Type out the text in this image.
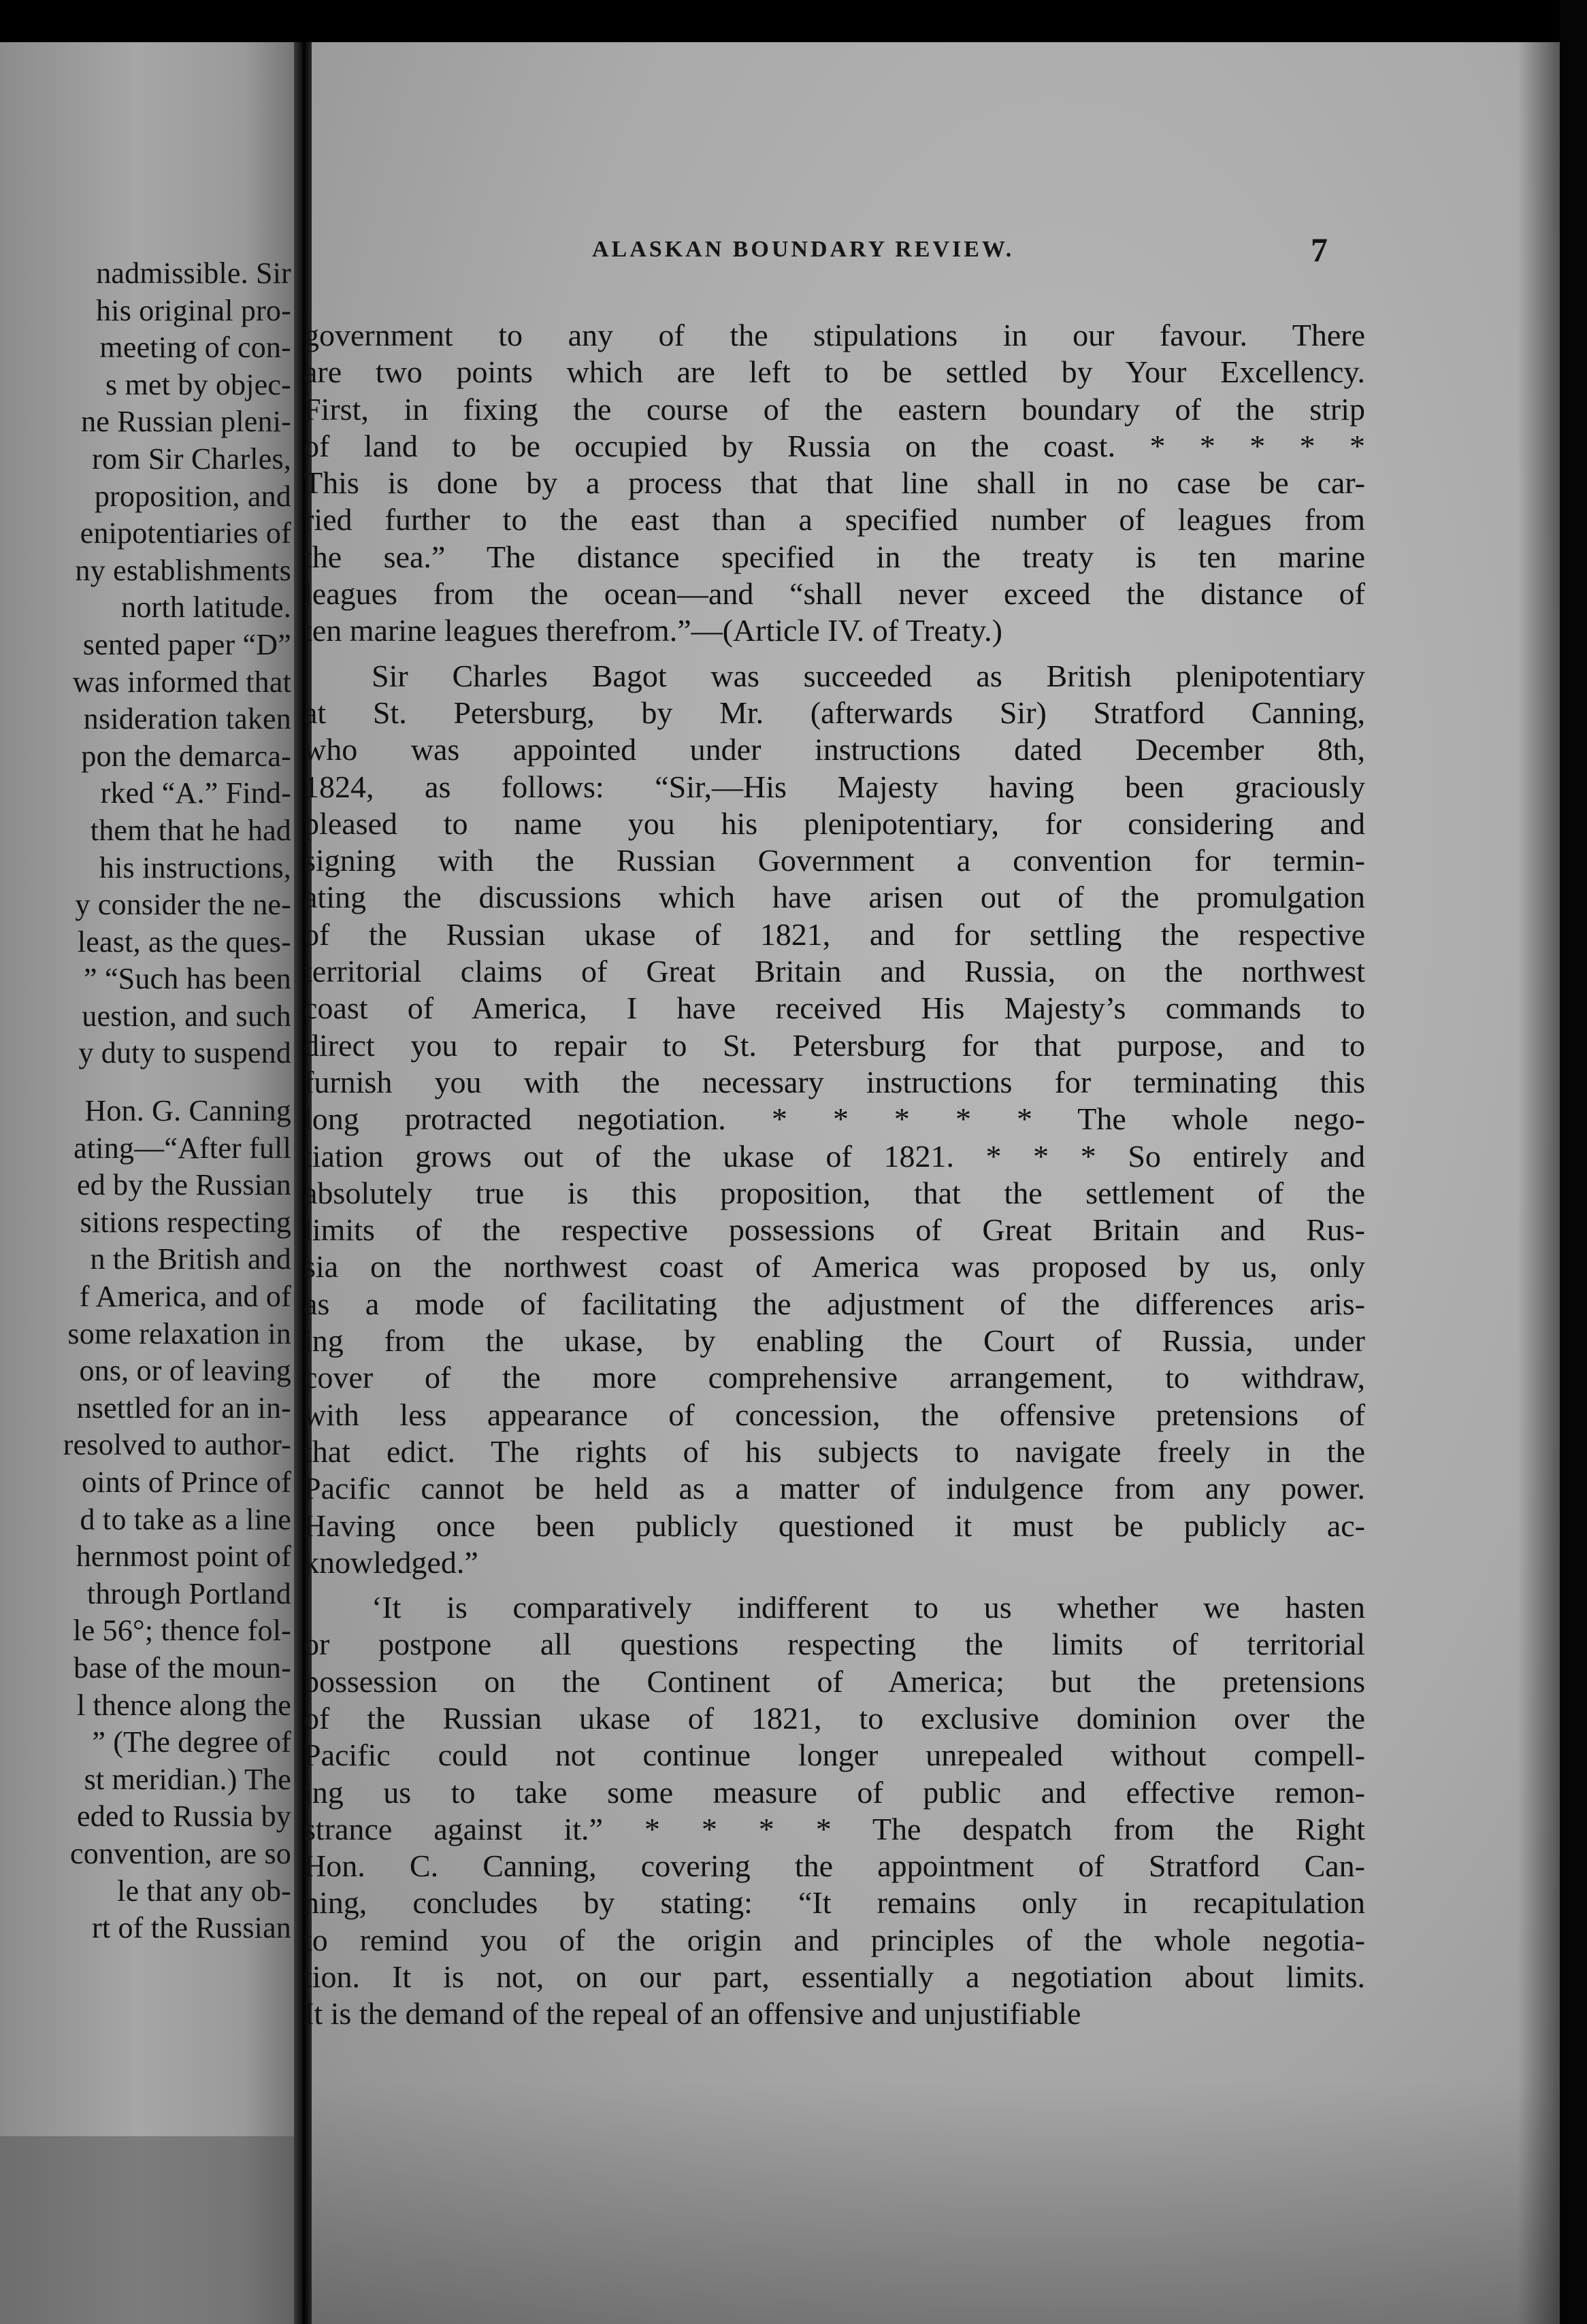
nadmissible. Sir
his original pro-
meeting of con-
s met by objec-
ne Russian pleni-
rom Sir Charles,
proposition, and
enipotentiaries of
ny establishments
north latitude.
sented paper “D”
was informed that
nsideration taken
pon the demarca-
rked “A.” Find-
them that he had
his instructions,
y consider the ne-
least, as the ques-
” “Such has been
uestion, and such
y duty to suspend
Hon. G. Canning
ating—“After full
ed by the Russian
sitions respecting
n the British and
f America, and of
some relaxation in
ons, or of leaving
nsettled for an in-
resolved to author-
oints of Prince of
d to take as a line
hernmost point of
through Portland
le 56°; thence fol-
base of the moun-
l thence along the
” (The degree of
st meridian.) The
eded to Russia by
convention, are so
le that any ob-
rt of the Russian
ALASKAN BOUNDARY REVIEW.	7
government to any of the stipulations in our favour. There
are two points which are left to be settled by Your Excellency.
First, in fixing the course of the eastern boundary of the strip
of land to be occupied by Russia on the coast. * * * * *
This is done by a process that that line shall in no case be car-
ried further to the east than a specified number of leagues from
the sea.” The distance specified in the treaty is ten marine
leagues from the ocean—and “shall never exceed the distance of
ten marine leagues therefrom.”—(Article IV. of Treaty.)
Sir Charles Bagot was succeeded as British plenipotentiary
at St. Petersburg, by Mr. (afterwards Sir) Stratford Canning,
who was appointed under instructions dated December 8th,
1824, as follows: “Sir,—His Majesty having been graciously
pleased to name you his plenipotentiary, for considering and
signing with the Russian Government a convention for termin-
ating the discussions which have arisen out of the promulgation
of the Russian ukase of 1821, and for settling the respective
territorial claims of Great Britain and Russia, on the northwest
coast of America, I have received His Majesty’s commands to
direct you to repair to St. Petersburg for that purpose, and to
furnish you with the necessary instructions for terminating this
long protracted negotiation. * * * * * The whole nego-
tiation grows out of the ukase of 1821. * * * So entirely and
absolutely true is this proposition, that the settlement of the
limits of the respective possessions of Great Britain and Rus-
sia on the northwest coast of America was proposed by us, only
as a mode of facilitating the adjustment of the differences aris-
ing from the ukase, by enabling the Court of Russia, under
cover of the more comprehensive arrangement, to withdraw,
with less appearance of concession, the offensive pretensions of
that edict. The rights of his subjects to navigate freely in the
Pacific cannot be held as a matter of indulgence from any power.
Having once been publicly questioned it must be publicly ac-
knowledged.”
‘It is comparatively indifferent to us whether we hasten
or postpone all questions respecting the limits of territorial
possession on the Continent of America; but the pretensions
of the Russian ukase of 1821, to exclusive dominion over the
Pacific could not continue longer unrepealed without compell-
ing us to take some measure of public and effective remon-
strance against it.” * * * * The despatch from the Right
Hon. C. Canning, covering the appointment of Stratford Can-
ning, concludes by stating: “It remains only in recapitulation
to remind you of the origin and principles of the whole negotia-
tion. It is not, on our part, essentially a negotiation about limits.
It is the demand of the repeal of an offensive and unjustifiable
